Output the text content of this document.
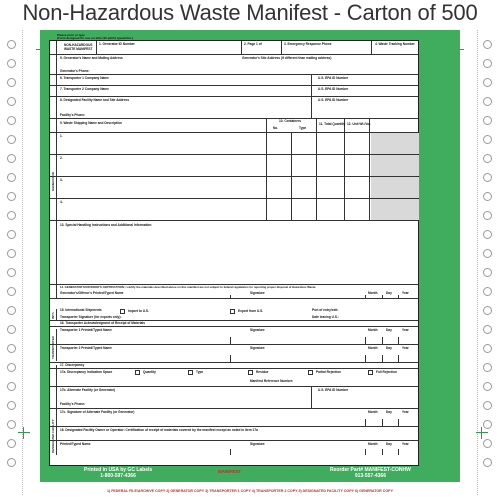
Non-Hazardous Waste Manifest - Carton of 500
Please print or type
(Form designed for use on elite (12-pitch) typewriter.)
GENERATOR
INT'L
TRANSPORTER
DESIGNATED FACILITY
NON-HAZARDOUS
WASTE MANIFEST
1. Generator ID Number	2. Page 1 of	3. Emergency Response Phone	4. Waste Tracking Number
5. Generator's Name and Mailing Address	Generator's Site Address (if different than mailing address)
Generator's Phone:
6. Transporter 1 Company Name	U.S. EPA ID Number
7. Transporter 2 Company Name	U.S. EPA ID Number
8. Designated Facility Name and Site Address	U.S. EPA ID Number
Facility's Phone:
9. Waste Shipping Name and Description	10. Containers
No.	Type
11. Total Quantity 12. Unit Wt./Vol.
1.
2.
3.
4.
13. Special Handling Instructions and Additional Information
14. GENERATOR'S/OFFEROR'S CERTIFICATION: I certify the materials described above on this manifest are not subject to federal regulations for reporting proper disposal of Hazardous Waste.
Generator's/Offeror's Printed/Typed Name	Signature	Month	Day	Year
15. International Shipments	Import to U.S.	Export from U.S.	Port of entry/exit:
Transporter Signature (for exports only):	Date leaving U.S.:
16. Transporter Acknowledgment of Receipt of Materials
Transporter 1 Printed/Typed Name	Signature	Month	Day	Year
Transporter 2 Printed/Typed Name	Signature	Month	Day	Year
17. Discrepancy
17a. Discrepancy Indication Space	Quantity	Type	Residue	Partial Rejection	Full Rejection
Manifest Reference Number:
17b. Alternate Facility (or Generator)	U.S. EPA ID Number
Facility's Phone:
17c. Signature of Alternate Facility (or Generator)	Month	Day	Year
18. Designated Facility Owner or Operator: Certification of receipt of materials covered by the manifest except as noted in Item 17a
Printed/Typed Name	Signature	Month	Day	Year
Printed in USA by GC Labels
1-800-597-4366
MANIFEST	Reorder Part# MANIFEST-CONHW
913-557-4366
1) FEDERAL FILE/ARCHIVE COPY 2) GENERATOR COPY 3) TRANSPORTER 1 COPY 4) TRANSPORTER 2 COPY 5) DESIGNATED FACILITY COPY 6) GENERATOR COPY
